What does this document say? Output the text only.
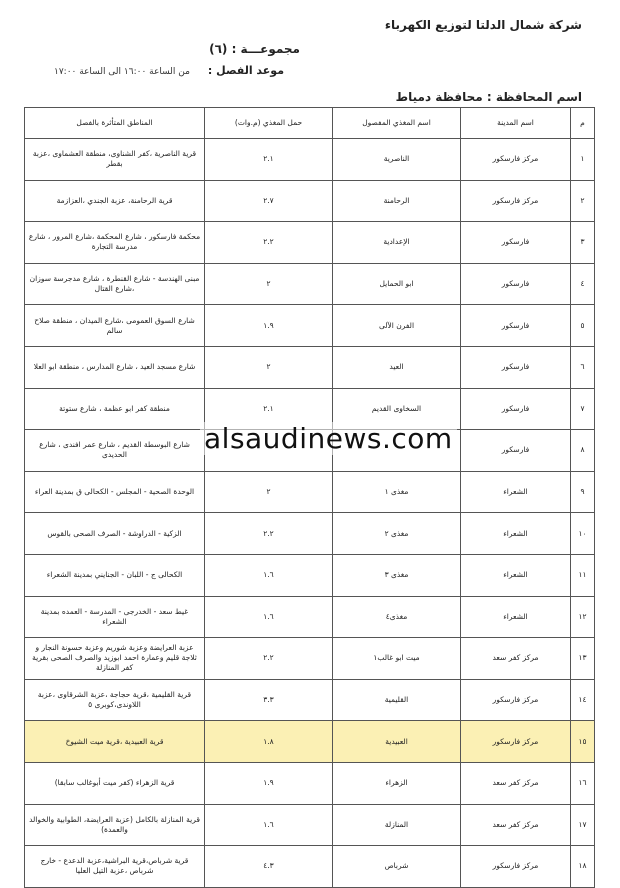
شركة شمال الدلتا لتوزيع الكهرباء
مجموعـــة : (٦)
موعد الفصل :
من الساعة ١٦:٠٠ الى الساعة ١٧:٠٠
اسم المحافظة : محافظة دمياط
م	اسم المدينة	اسم المغذي المفصول	حمل المغذي (م.وات)	المناطق المتأثرة بالفصل
١	مركز فارسكور	الناصرية	٢.١	قرية الناصرية ،كفر الشناوى، منطقة العشماوى ،عزبة بقطر
٢	مركز فارسكور	الرحامنة	٢.٧	قرية الرحامنة، عزبة الجندي ،العزازمة
٣	فارسكور	الإعدادية	٢.٢	محكمة فارسكور ، شارع المحكمة ،شارع المرور ، شارع مدرسة التجارة
٤	فارسكور	ابو الحمايل	٢	مبنى الهندسة - شارع القنطرة ، شارع مدجرسة سوزان ،شارع القتال
٥	فارسكور	الفرن الآلى	١.٩	شارع السوق العمومى ،شارع الميدان ، منطقة صلاح سالم
٦	فارسكور	العيد	٢	شارع مسجد العيد ، شارع المدارس ، منطقة ابو العلا
٧	فارسكور	السخاوى القديم	٢.١	منطقة كفر ابو عظمة ، شارع ستوتة
٨	فارسكور			شارع البوسطة القديم ، شارع عمر افندى ، شارع الحديدى
٩	الشعراء	مغذى ١	٢	الوحدة الصحية - المجلس - الكحالى ق بمدينة العراء
١٠	الشعراء	مغذى ٢	٢.٢	الزكية - الدراوشة - الصرف الصحى بالقوس
١١	الشعراء	مغذى ٣	١.٦	الكحالى ج - اللبان - الجنايني بمدينة الشعراء
١٢	الشعراء	مغذى٤	١.٦	غيط سعد - الخدرجى - المدرسة - العمده بمدينة الشعراء
١٣	مركز كفر سعد	ميت ابو غالب١	٢.٢	عزبة العرايضة وعزبة شوريم وعزبة حسونة النجار و ثلاجة قليم وعمارة احمد ابوزيد والصرف الصحى بقرية كفر المنازلة
١٤	مركز فارسكور	القليمية	٣.٣	قرية القليمية ،قرية حجاجة ،عزبة الشرقاوى ،عزبة اللاوندى،كوبرى ٥
١٥	مركز فارسكور	العبيدية	١.٨	قرية العبيدية ،قرية ميت الشيوخ
١٦	مركز كفر سعد	الزهراء	١.٩	قرية الزهراء (كفر ميت أبوغالب سابقا)
١٧	مركز كفر سعد	المنازلة	١.٦	قرية المنازلة بالكامل (عزبة العرايضة، الطوابية والخوالد والعمدة)
١٨	مركز فارسكور	شرباص	٤.٣	قرية شرباص،قرية البراشية،عزبة الدعدع - خارج شرباص ،عزبة التيل العليا
alsaudinews.com
